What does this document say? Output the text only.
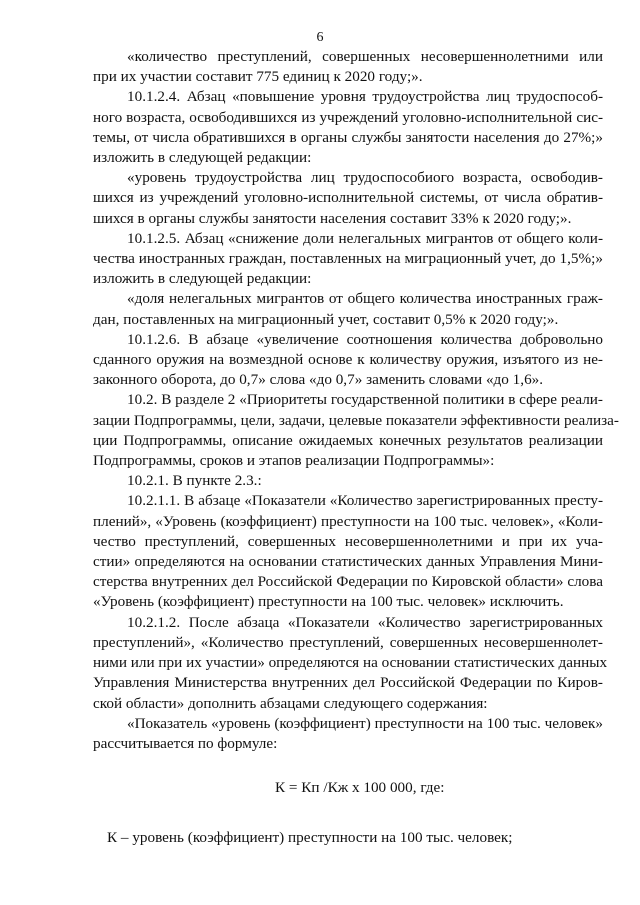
6
«количество преступлений, совершенных несовершеннолетними или
при их участии составит 775 единиц к 2020 году;».
10.1.2.4. Абзац «повышение уровня трудоустройства лиц трудоспособ-
ного возраста, освободившихся из учреждений уголовно-исполнительной сис-
темы, от числа обратившихся в органы службы занятости населения до 27%;»
изложить в следующей редакции:
«уровень трудоустройства лиц трудоспособиого возраста, освободив-
шихся из учреждений уголовно-исполнительной системы, от числа обратив-
шихся в органы службы занятости населения составит 33% к 2020 году;».
10.1.2.5. Абзац «снижение доли нелегальных мигрантов от общего коли-
чества иностранных граждан, поставленных на миграционный учет, до 1,5%;»
изложить в следующей редакции:
«доля нелегальных мигрантов от общего количества иностранных граж-
дан, поставленных на миграционный учет, составит 0,5% к 2020 году;».
10.1.2.6. В абзаце «увеличение соотношения количества добровольно
сданного оружия на возмездной основе к количеству оружия, изъятого из не-
законного оборота, до 0,7» слова «до 0,7» заменить словами «до 1,6».
10.2. В разделе 2 «Приоритеты государственной политики в сфере реали-
зации Подпрограммы, цели, задачи, целевые показатели эффективности реализа-
ции Подпрограммы, описание ожидаемых конечных результатов реализации
Подпрограммы, сроков и этапов реализации Подпрограммы»:
10.2.1. В пункте 2.3.:
10.2.1.1. В абзаце «Показатели «Количество зарегистрированных престу-
плений», «Уровень (коэффициент) преступности на 100 тыс. человек», «Коли-
чество преступлений, совершенных несовершеннолетними и при их уча-
стии» определяются на основании статистических данных Управления Мини-
стерства внутренних дел Российской Федерации по Кировской области» слова
«Уровень (коэффициент) преступности на 100 тыс. человек» исключить.
10.2.1.2. После абзаца «Показатели «Количество зарегистрированных
преступлений», «Количество преступлений, совершенных несовершеннолет-
ними или при их участии» определяются на основании статистических данных
Управления Министерства внутренних дел Российской Федерации по Киров-
ской области» дополнить абзацами следующего содержания:
«Показатель «уровень (коэффициент) преступности на 100 тыс. человек»
рассчитывается по формуле:
К = Кп /Кж х 100 000, где:
К – уровень (коэффициент) преступности на 100 тыс. человек;
